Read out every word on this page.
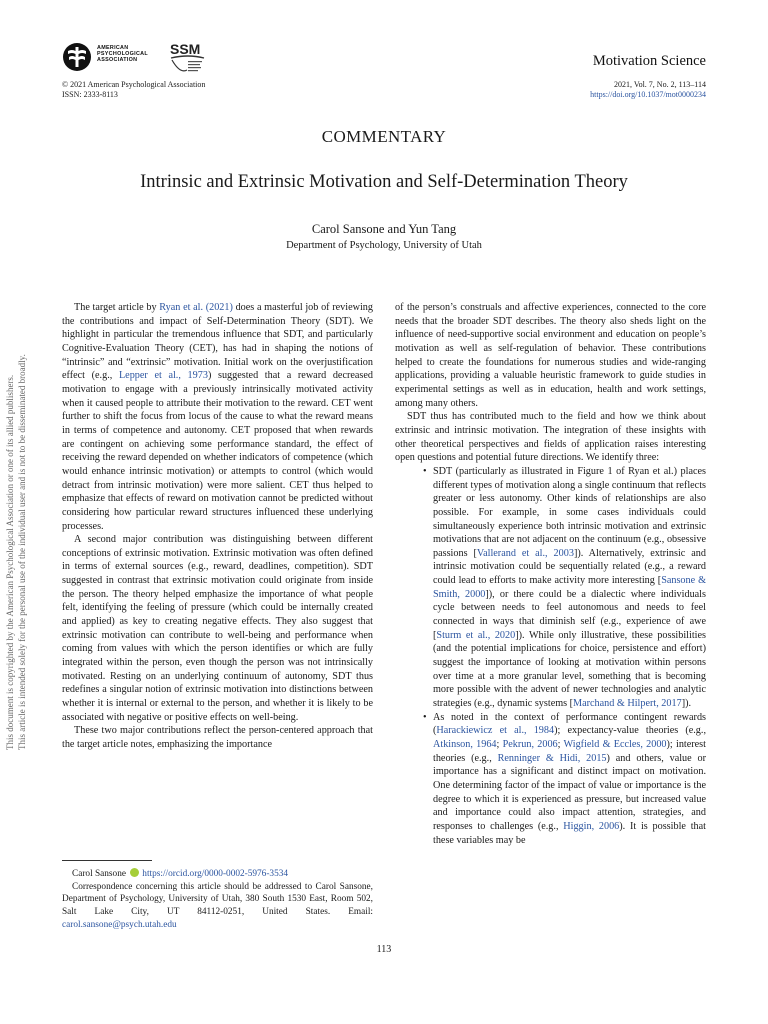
AMERICAN
PSYCHOLOGICAL
ASSOCIATION
SSM
Motivation Science
© 2021 American Psychological Association
ISSN: 2333-8113
2021, Vol. 7, No. 2, 113–114
https://doi.org/10.1037/mot0000234
COMMENTARY
Intrinsic and Extrinsic Motivation and Self-Determination Theory
Carol Sansone and Yun Tang
Department of Psychology, University of Utah
This document is copyrighted by the American Psychological Association or one of its allied publishers. This article is intended solely for the personal use of the individual user and is not to be disseminated broadly.

The target article by Ryan et al. (2021) does a masterful job of reviewing the contributions and impact of Self-Determination Theory (SDT). We highlight in particular the tremendous influence that SDT, and particularly Cognitive-Evaluation Theory (CET), has had in shaping the notions of “intrinsic” and “extrinsic” motivation. Initial work on the overjustification effect (e.g., Lepper et al., 1973) suggested that a reward decreased motivation to engage with a previously intrinsically motivated activity when it caused people to attribute their motivation to the reward. CET went further to shift the focus from locus of the cause to what the reward means in terms of competence and autonomy. CET proposed that when rewards are contingent on achieving some performance standard, the effect of receiving the reward depended on whether indicators of competence (which would enhance intrinsic motivation) or attempts to control (which would detract from intrinsic motivation) were more salient. CET thus helped to emphasize that effects of reward on motivation cannot be predicted without considering how particular reward structures influenced these underlying processes.

A second major contribution was distinguishing between different conceptions of extrinsic motivation. Extrinsic motivation was often defined in terms of external sources (e.g., reward, deadlines, competition). SDT suggested in contrast that extrinsic motivation could originate from inside the person. The theory helped emphasize the importance of what people felt, identifying the feeling of pressure (which could be internally created and applied) as key to creating negative effects. They also suggest that extrinsic motivation can contribute to well-being and performance when coming from values with which the person identifies or which are fully integrated within the person, even though the person was not intrinsically motivated. Resting on an underlying continuum of autonomy, SDT thus redefines a singular notion of extrinsic motivation into distinctions between whether it is internal or external to the person, and whether it is likely to be associated with negative or positive effects on well-being.

These two major contributions reflect the person-centered approach that the target article notes, emphasizing the importance

of the person’s construals and affective experiences, connected to the core needs that the broader SDT describes. The theory also sheds light on the influence of need-supportive social environment and education on people’s motivation as well as self-regulation of behavior. These contributions helped to create the foundations for numerous studies and wide-ranging applications, providing a valuable heuristic framework to guide studies in experimental settings as well as in education, health and work settings, among many others.

SDT thus has contributed much to the field and how we think about extrinsic and intrinsic motivation. The integration of these insights with other theoretical perspectives and fields of application raises interesting open questions and potential future directions. We identify three:

• SDT (particularly as illustrated in Figure 1 of Ryan et al.) places different types of motivation along a single continuum that reflects greater or less autonomy. Other kinds of relationships are also possible. For example, in some cases individuals could simultaneously experience both intrinsic motivation and extrinsic motivations that are not adjacent on the continuum (e.g., obsessive passions [Vallerand et al., 2003]). Alternatively, extrinsic and intrinsic motivation could be sequentially related (e.g., a reward could lead to efforts to make activity more interesting [Sansone & Smith, 2000]), or there could be a dialectic where individuals cycle between needs to feel autonomous and needs to feel connected in ways that diminish self (e.g., experience of awe [Sturm et al., 2020]). While only illustrative, these possibilities (and the potential implications for choice, persistence and effort) suggest the importance of looking at motivation within persons over time at a more granular level, something that is becoming more possible with the advent of newer technologies and analytic strategies (e.g., dynamic systems [Marchand & Hilpert, 2017]).
• As noted in the context of performance contingent rewards (Harackiewicz et al., 1984); expectancy-value theories (e.g., Atkinson, 1964; Pekrun, 2006; Wigfield & Eccles, 2000); interest theories (e.g., Renninger & Hidi, 2015) and others, value or importance has a significant and distinct impact on motivation. One determining factor of the impact of value or importance is the degree to which it is experienced as pressure, but increased value and importance could also impact attention, strategies, and responses to challenges (e.g., Higgin, 2006). It is possible that these variables may be

Carol Sansone https://orcid.org/0000-0002-5976-3534

Correspondence concerning this article should be addressed to Carol Sansone, Department of Psychology, University of Utah, 380 South 1530 East, Room 502, Salt Lake City, UT 84112-0251, United States. Email: carol.sansone@psych.utah.edu

113
